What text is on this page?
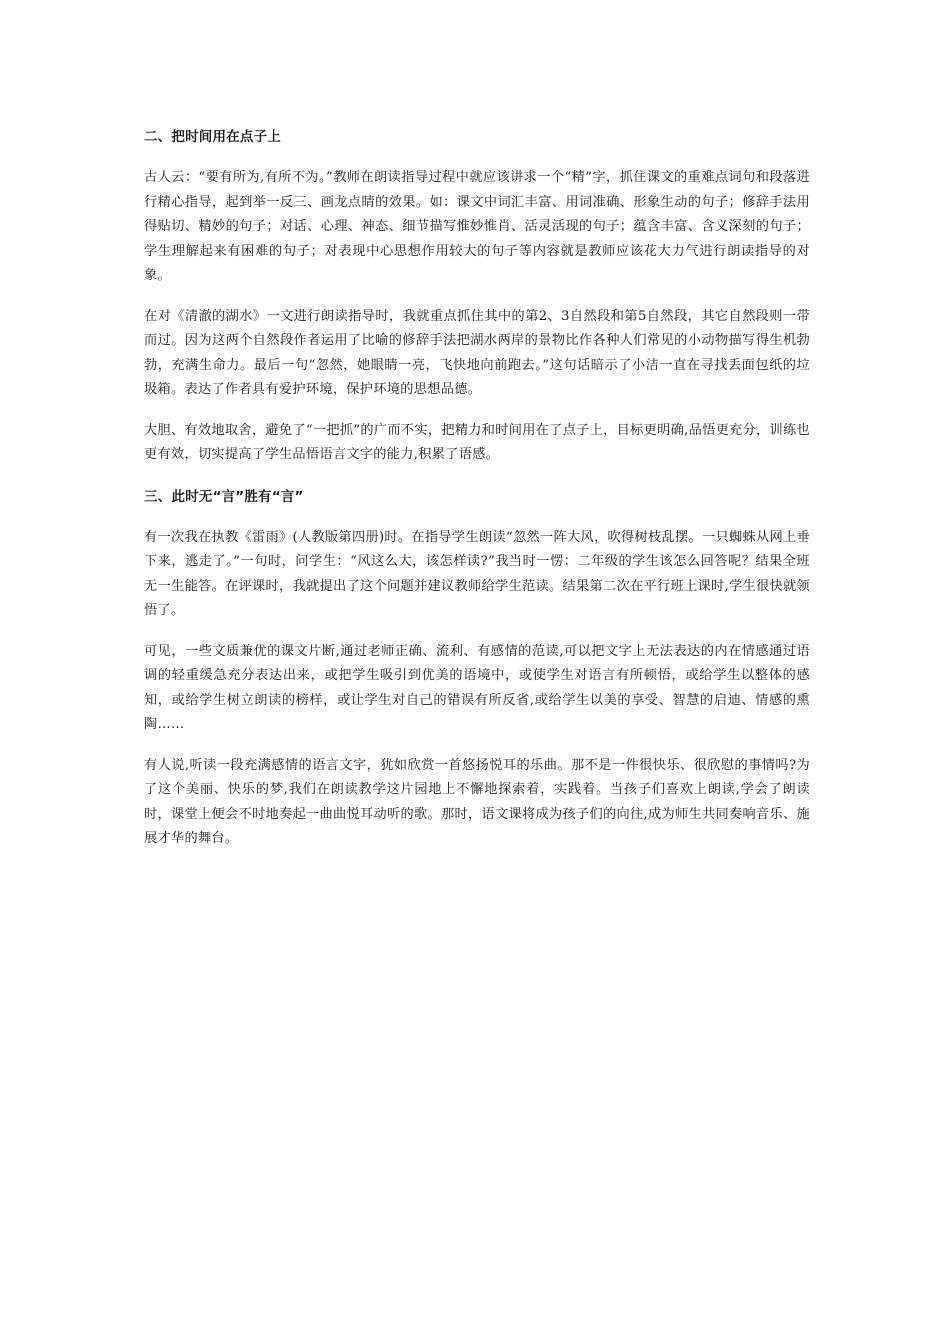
二、把时间用在点子上

古人云：“要有所为,有所不为。”教师在朗读指导过程中就应该讲求一个“精”字，抓住课文的重难点词句和段落进行精心指导，起到举一反三、画龙点睛的效果。如：课文中词汇丰富、用词准确、形象生动的句子；修辞手法用得贴切、精妙的句子；对话、心理、神态、细节描写惟妙惟肖、活灵活现的句子；蕴含丰富、含义深刻的句子；学生理解起来有困难的句子；对表现中心思想作用较大的句子等内容就是教师应该花大力气进行朗读指导的对象。

在对《清澈的湖水》一文进行朗读指导时，我就重点抓住其中的第2、3自然段和第5自然段，其它自然段则一带而过。因为这两个自然段作者运用了比喻的修辞手法把湖水两岸的景物比作各种人们常见的小动物描写得生机勃勃，充满生命力。最后一句“忽然，她眼睛一亮，飞快地向前跑去。”这句话暗示了小洁一直在寻找丢面包纸的垃圾箱。表达了作者具有爱护环境，保护环境的思想品德。

大胆、有效地取舍，避免了“一把抓”的广而不实，把精力和时间用在了点子上，目标更明确,品悟更充分，训练也更有效，切实提高了学生品悟语言文字的能力,积累了语感。

三、此时无“言”胜有“言”

有一次我在执教《雷雨》(人教版第四册)时。在指导学生朗读“忽然一阵大风，吹得树枝乱摆。一只蜘蛛从网上垂下来，逃走了。”一句时，问学生：“风这么大，该怎样读?”我当时一愣：二年级的学生该怎么回答呢？结果全班无一生能答。在评课时，我就提出了这个问题并建议教师给学生范读。结果第二次在平行班上课时,学生很快就领悟了。

可见，一些文质兼优的课文片断,通过老师正确、流利、有感情的范读,可以把文字上无法表达的内在情感通过语调的轻重缓急充分表达出来，或把学生吸引到优美的语境中，或使学生对语言有所顿悟，或给学生以整体的感知，或给学生树立朗读的榜样，或让学生对自己的错误有所反省,或给学生以美的享受、智慧的启迪、情感的熏陶……

有人说,听读一段充满感情的语言文字，犹如欣赏一首悠扬悦耳的乐曲。那不是一件很快乐、很欣慰的事情吗?为了这个美丽、快乐的梦,我们在朗读教学这片园地上不懈地探索着，实践着。当孩子们喜欢上朗读,学会了朗读时，课堂上便会不时地奏起一曲曲悦耳动听的歌。那时，语文课将成为孩子们的向往,成为师生共同奏响音乐、施展才华的舞台。
